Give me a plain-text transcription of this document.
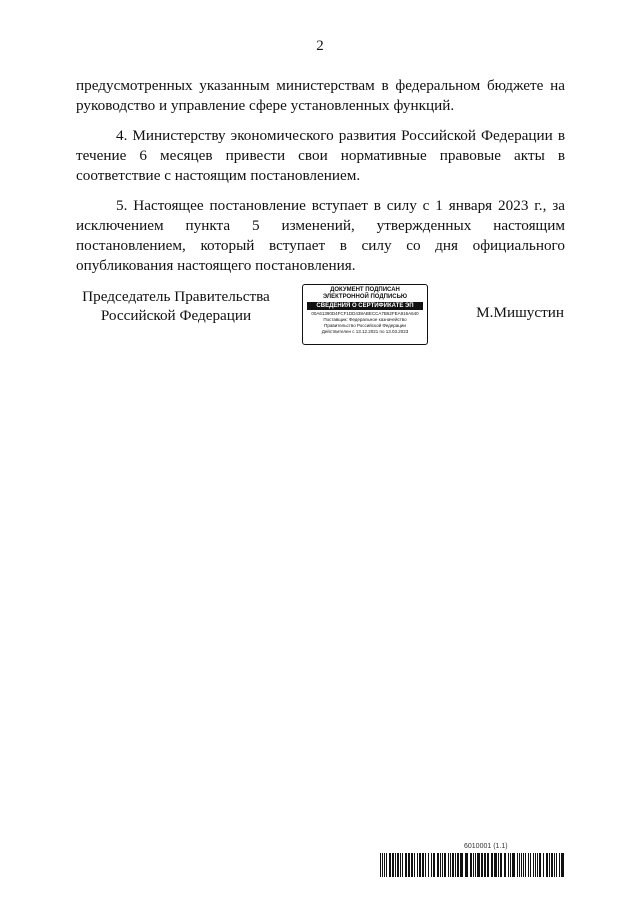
2

предусмотренных указанным министерствам в федеральном бюджете на руководство и управление сфере установленных функций.

4. Министерству экономического развития Российской Федерации в течение 6 месяцев привести свои нормативные правовые акты в соответствие с настоящим постановлением.

5. Настоящее постановление вступает в силу с 1 января 2023 г., за исключением пункта 5 изменений, утвержденных настоящим постановлением, который вступает в силу со дня официального опубликования настоящего постановления.

Председатель Правительства
Российской Федерации
ДОКУМЕНТ ПОДПИСАН
ЭЛЕКТРОННОЙ ПОДПИСЬЮ
СВЕДЕНИЯ О СЕРТИФИКАТЕ ЭП
00A61390D4FCF1DD438ABECCA7B62FEA916A640
Поставщик: Федеральное казначейство
Правительство Российской Федерации
Действителен с 13.12.2021 по 13.03.2023
М.Мишустин
6010001 (1.1)
